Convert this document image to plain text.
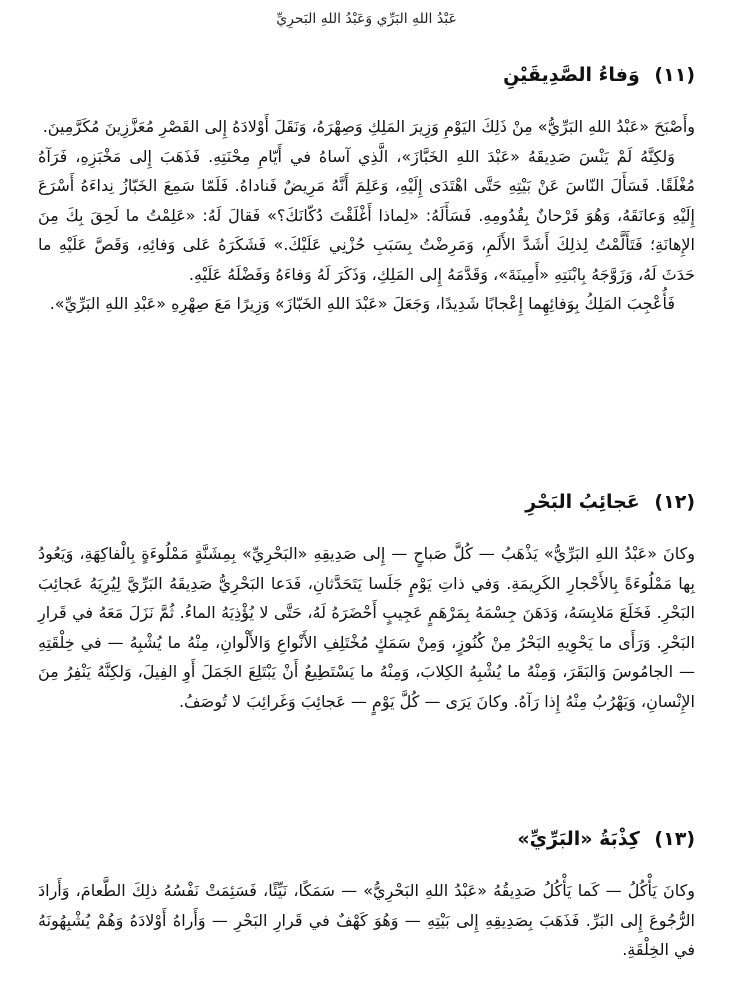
عَبْدُ اللهِ البَرِّي وَعَبْدُ اللهِ البَحرِيِّ
(١١) وَفاءُ الصَّدِيقَيْنِ

وأَصْبَحَ «عَبْدُ اللهِ البَرِّيُّ» مِنْ ذَلِكَ اليَوْمِ وَزِيرَ المَلِكِ وَصِهْرَهُ، وَنَقَلَ أَوْلادَهُ إِلى القَصْرِ مُعَزَّزِينَ مُكَرَّمِينَ.

وَلكِنَّهُ لَمْ يَنْسَ صَدِيقَهُ «عَبْدَ اللهِ الخَبَّازَ»، الَّذِي آساهُ في أَيّامِ مِحْنَتِهِ. فَذَهَبَ إِلى مَخْبَزِهِ، فَرَآهُ مُغْلَقًا. فَسَأَلَ النّاسَ عَنْ بَيْتِهِ حَتَّى اهْتَدَى إِلَيْهِ، وَعَلِمَ أَنَّهُ مَرِيضٌ فَناداهُ. فَلَمّا سَمِعَ الخَبّازُ نِداءَهُ أَسْرَعَ إِلَيْهِ وَعانَقَهُ، وَهُوَ فَرْحانٌ بِقُدُومِهِ. فَسَأَلَهُ: «لِماذا أَغْلَقْتَ دُكّانَكَ؟» فَقالَ لَهُ: «عَلِمْتُ ما لَحِقَ بِكَ مِنَ الإِهانَةِ؛ فَتَأَلَّمْتُ لِذلِكَ أَشَدَّ الأَلَمِ، وَمَرِضْتُ بِسَبَبِ حُزْنِي عَلَيْكَ.» فَشَكَرَهُ عَلى وَفائِهِ، وَقَصَّ عَلَيْهِ ما حَدَثَ لَهُ، وَزَوَّجَهُ بِابْنَتِهِ «أَمِينَةَ»، وَقَدَّمَهُ إِلى المَلِكِ، وَذَكَرَ لَهُ وَفاءَهُ وَفَضْلَهُ عَلَيْهِ.

فَأُعْجِبَ المَلِكُ بِوَفائِهِما إِعْجابًا شَدِيدًا، وَجَعَلَ «عَبْدَ اللهِ الخَبّازَ» وَزِيرًا مَعَ صِهْرِهِ «عَبْدِ اللهِ البَرِّيِّ».

(١٢) عَجائِبُ البَحْرِ

وكانَ «عَبْدُ اللهِ البَرِّيُّ» يَذْهَبُ — كُلَّ صَباحٍ — إِلى صَدِيقِهِ «البَحْرِيِّ» بِمِشَنَّةٍ مَمْلُوءَةٍ بِالْفاكِهَةِ، وَيَعُودُ بِها مَمْلُوءَةً بِالأَحْجارِ الكَرِيمَةِ. وَفي ذاتِ يَوْمٍ جَلَسا يَتَحَدَّثانِ، فَدَعا البَحْرِيُّ صَدِيقَهُ البَرِّيَّ لِيُرِيَهُ عَجائِبَ البَحْرِ. فَخَلَعَ مَلابِسَهُ، وَدَهَنَ جِسْمَهُ بِمَرْهَمٍ عَجِيبٍ أَحْضَرَهُ لَهُ، حَتَّى لا يُؤْذِيَهُ الماءُ. ثُمَّ نَزَلَ مَعَهُ في قَرارِ البَحْرِ. وَرَأَى ما يَحْوِيهِ البَحْرُ مِنْ كُنُوزٍ، وَمِنْ سَمَكٍ مُخْتَلِفِ الأَنْواعِ وَالأَلْوانِ، مِنْهُ ما يُشْبِهُ — في خِلْقَتِهِ — الجامُوسَ وَالبَقَرَ، وَمِنْهُ ما يُشْبِهُ الكِلابَ، وَمِنْهُ ما يَسْتَطِيعُ أَنْ يَبْتَلِعَ الجَمَلَ أَوِ الفِيلَ، وَلكِنَّهُ يَنْفِرُ مِنَ الإِنْسانِ، وَيَهْرُبُ مِنْهُ إِذا رَآهُ. وكانَ يَرَى — كُلَّ يَوْمٍ — عَجائِبَ وَغَرائِبَ لا تُوصَفُ.

(١٣) كِذْبَةُ «البَرِّيِّ»

وكانَ يَأْكُلُ — كَما يَأْكُلُ صَدِيقُهُ «عَبْدُ اللهِ البَحْرِيُّ» — سَمَكًا، نَيِّئًا، فَسَئِمَتْ نَفْسُهُ ذلِكَ الطَّعامَ، وَأَرادَ الرُّجُوعَ إِلى البَرِّ. فَذَهَبَ بِصَدِيقِهِ إِلى بَيْتِهِ — وَهُوَ كَهْفٌ في قَرارِ البَحْرِ — وَأَراهُ أَوْلادَهُ وَهُمْ يُشْبِهُونَهُ في الخِلْقَةِ.
